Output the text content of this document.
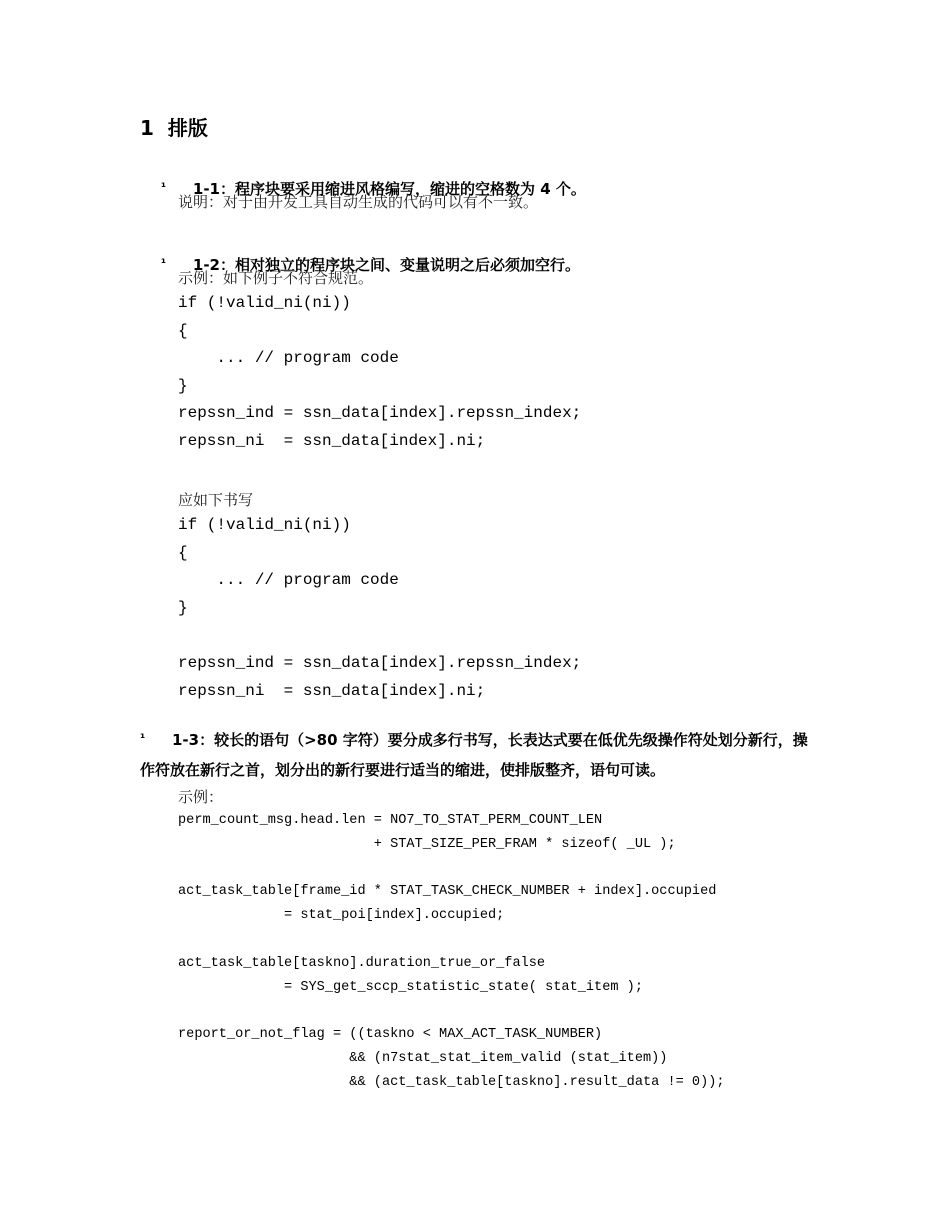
1  排版

¹ 1-1：程序块要采用缩进风格编写，缩进的空格数为 4 个。

说明：对于由开发工具自动生成的代码可以有不一致。

¹ 1-2：相对独立的程序块之间、变量说明之后必须加空行。

示例：如下例子不符合规范。
if (!valid_ni(ni))
{
... // program code
}
repssn_ind = ssn_data[index].repssn_index;
repssn_ni  = ssn_data[index].ni;
应如下书写
if (!valid_ni(ni))
{
... // program code
}

repssn_ind = ssn_data[index].repssn_index;
repssn_ni  = ssn_data[index].ni;
¹ 1-3：较长的语句（>80 字符）要分成多行书写，长表达式要在低优先级操作符处划分新行，操作符放在新行之首，划分出的新行要进行适当的缩进，使排版整齐，语句可读。
示例：
perm_count_msg.head.len = NO7_TO_STAT_PERM_COUNT_LEN
+ STAT_SIZE_PER_FRAM * sizeof( _UL );

act_task_table[frame_id * STAT_TASK_CHECK_NUMBER + index].occupied
= stat_poi[index].occupied;

act_task_table[taskno].duration_true_or_false
= SYS_get_sccp_statistic_state( stat_item );

report_or_not_flag = ((taskno < MAX_ACT_TASK_NUMBER)
&& (n7stat_stat_item_valid (stat_item))
&& (act_task_table[taskno].result_data != 0));
